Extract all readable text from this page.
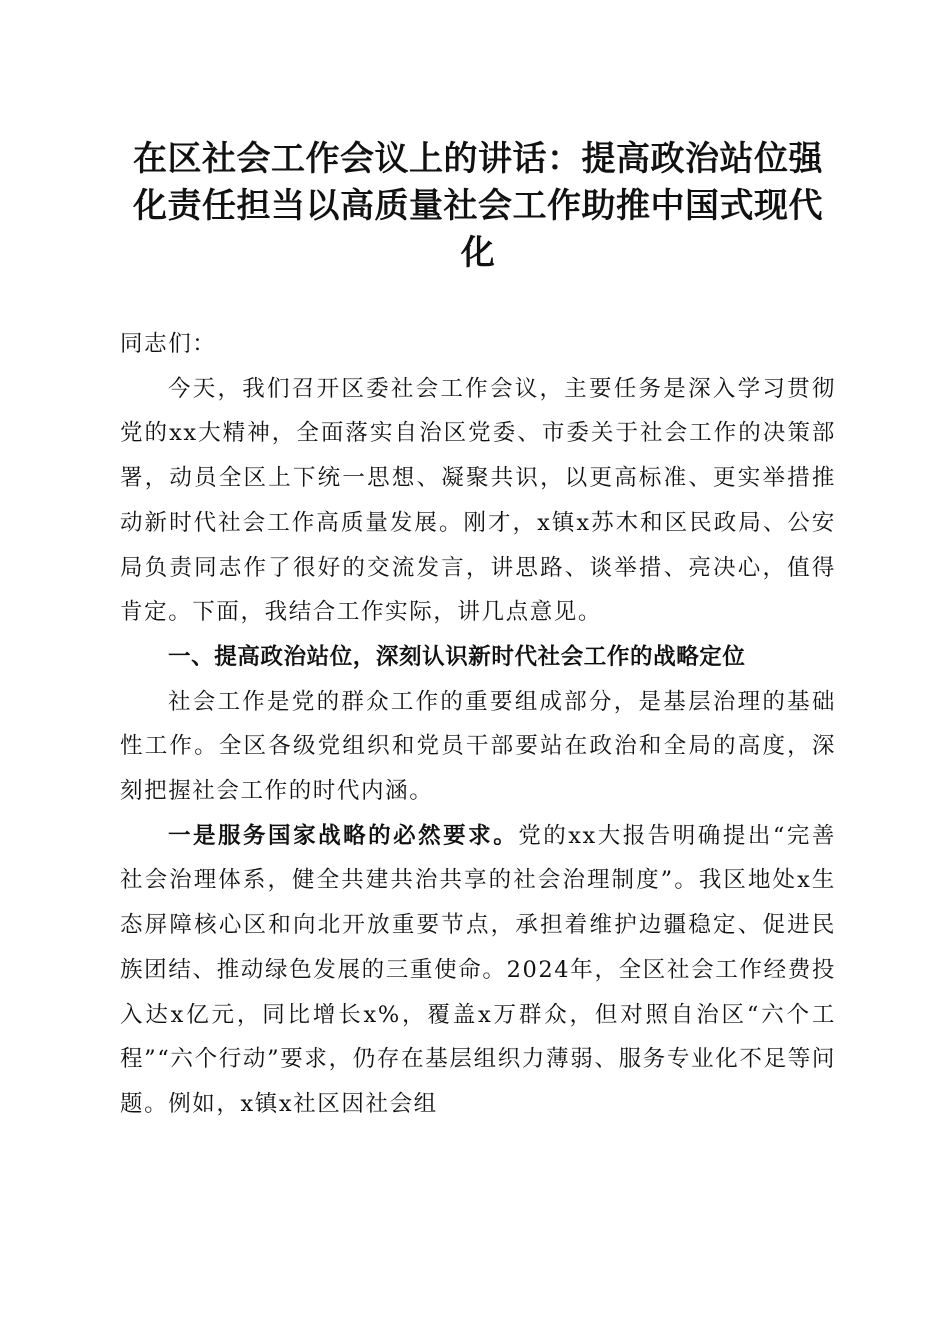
在区社会工作会议上的讲话：提高政治站位强化责任担当以高质量社会工作助推中国式现代化

同志们：

今天，我们召开区委社会工作会议，主要任务是深入学习贯彻党的xx大精神，全面落实自治区党委、市委关于社会工作的决策部署，动员全区上下统一思想、凝聚共识，以更高标准、更实举措推动新时代社会工作高质量发展。刚才，x镇x苏木和区民政局、公安局负责同志作了很好的交流发言，讲思路、谈举措、亮决心，值得肯定。下面，我结合工作实际，讲几点意见。

一、提高政治站位，深刻认识新时代社会工作的战略定位

社会工作是党的群众工作的重要组成部分，是基层治理的基础性工作。全区各级党组织和党员干部要站在政治和全局的高度，深刻把握社会工作的时代内涵。

一是服务国家战略的必然要求。党的xx大报告明确提出“完善社会治理体系，健全共建共治共享的社会治理制度”。我区地处x生态屏障核心区和向北开放重要节点，承担着维护边疆稳定、促进民族团结、推动绿色发展的三重使命。2024年，全区社会工作经费投入达x亿元，同比增长x%，覆盖x万群众，但对照自治区“六个工程”“六个行动”要求，仍存在基层组织力薄弱、服务专业化不足等问题。例如，x镇x社区因社会组
